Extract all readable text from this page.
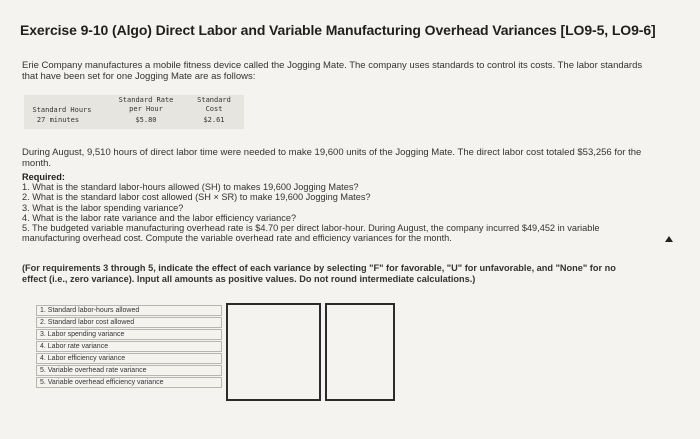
Exercise 9-10 (Algo) Direct Labor and Variable Manufacturing Overhead Variances [LO9-5, LO9-6]
Erie Company manufactures a mobile fitness device called the Jogging Mate. The company uses standards to control its costs. The labor standards that have been set for one Jogging Mate are as follows:
Standard Hours
Standard Rate per Hour
Standard Cost
27 minutes	$5.80	$2.61
During August, 9,510 hours of direct labor time were needed to make 19,600 units of the Jogging Mate. The direct labor cost totaled $53,256 for the month.
Required:
1. What is the standard labor-hours allowed (SH) to makes 19,600 Jogging Mates?
2. What is the standard labor cost allowed (SH × SR) to make 19,600 Jogging Mates?
3. What is the labor spending variance?
4. What is the labor rate variance and the labor efficiency variance?
5. The budgeted variable manufacturing overhead rate is $4.70 per direct labor-hour. During August, the company incurred $49,452 in variable manufacturing overhead cost. Compute the variable overhead rate and efficiency variances for the month.
(For requirements 3 through 5, indicate the effect of each variance by selecting "F" for favorable, "U" for unfavorable, and "None" for no effect (i.e., zero variance). Input all amounts as positive values. Do not round intermediate calculations.)
1. Standard labor-hours allowed
2. Standard labor cost allowed
3. Labor spending variance
4. Labor rate variance
4. Labor efficiency variance
5. Variable overhead rate variance
5. Variable overhead efficiency variance
